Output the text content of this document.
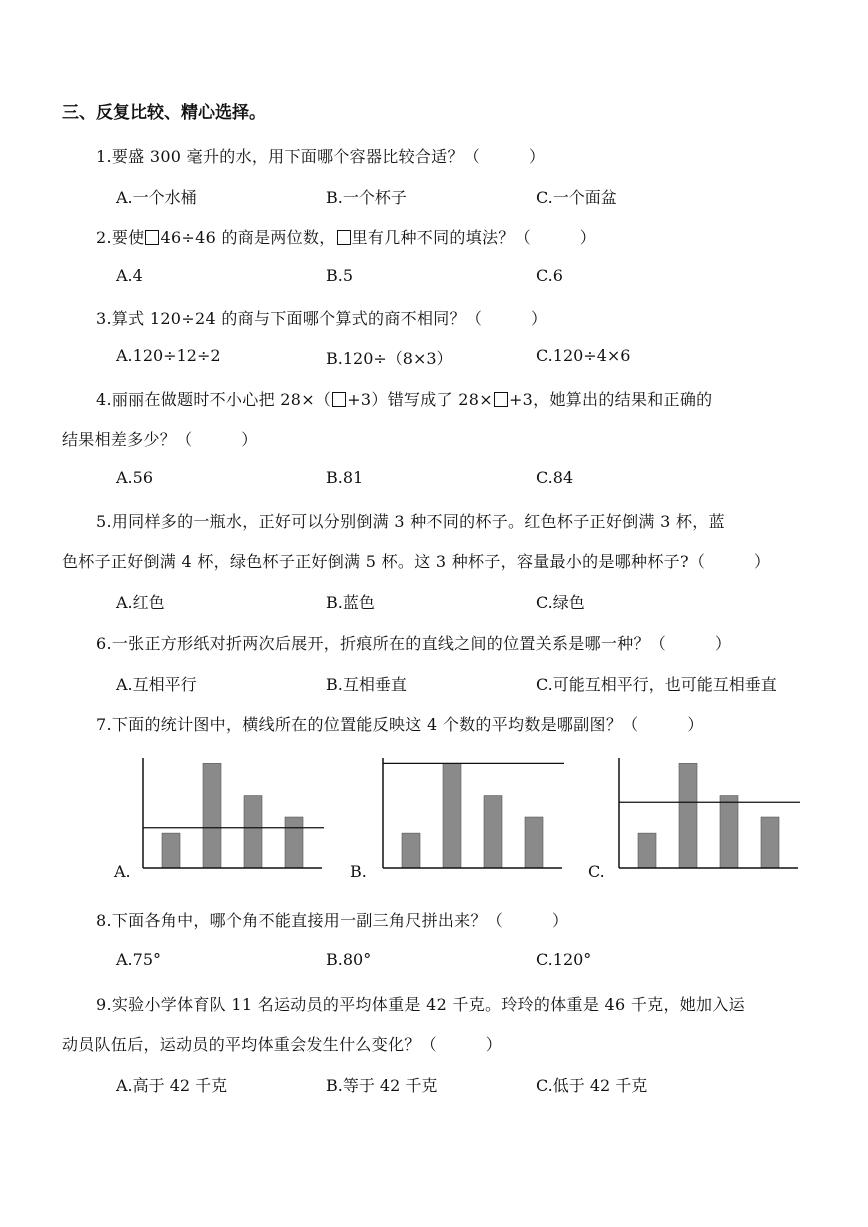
三、反复比较、精心选择。
1.要盛 300 毫升的水，用下面哪个容器比较合适？（　　　）
A.一个水桶	B.一个杯子	C.一个面盆
2.要使 46÷46 的商是两位数， 里有几种不同的填法？（　　　）
A.4	B.5	C.6
3.算式 120÷24 的商与下面哪个算式的商不相同？（　　　）
A.120÷12÷2	B.120÷（8×3）	C.120÷4×6
4.丽丽在做题时不小心把 28×（ +3）错写成了 28× +3，她算出的结果和正确的
结果相差多少？（　　　）
A.56	B.81	C.84
5.用同样多的一瓶水，正好可以分别倒满 3 种不同的杯子。红色杯子正好倒满 3 杯，蓝
色杯子正好倒满 4 杯，绿色杯子正好倒满 5 杯。这 3 种杯子，容量最小的是哪种杯子?（　　　）
A.红色	B.蓝色	C.绿色
6.一张正方形纸对折两次后展开，折痕所在的直线之间的位置关系是哪一种？（　　　）
A.互相平行	B.互相垂直	C.可能互相平行，也可能互相垂直
7.下面的统计图中，横线所在的位置能反映这 4 个数的平均数是哪副图？（　　　）
A.	B.	C.
8.下面各角中，哪个角不能直接用一副三角尺拼出来？（　　　）
A.75°	B.80°	C.120°
9.实验小学体育队 11 名运动员的平均体重是 42 千克。玲玲的体重是 46 千克，她加入运
动员队伍后，运动员的平均体重会发生什么变化？（　　　）
A.高于 42 千克	B.等于 42 千克	C.低于 42 千克
